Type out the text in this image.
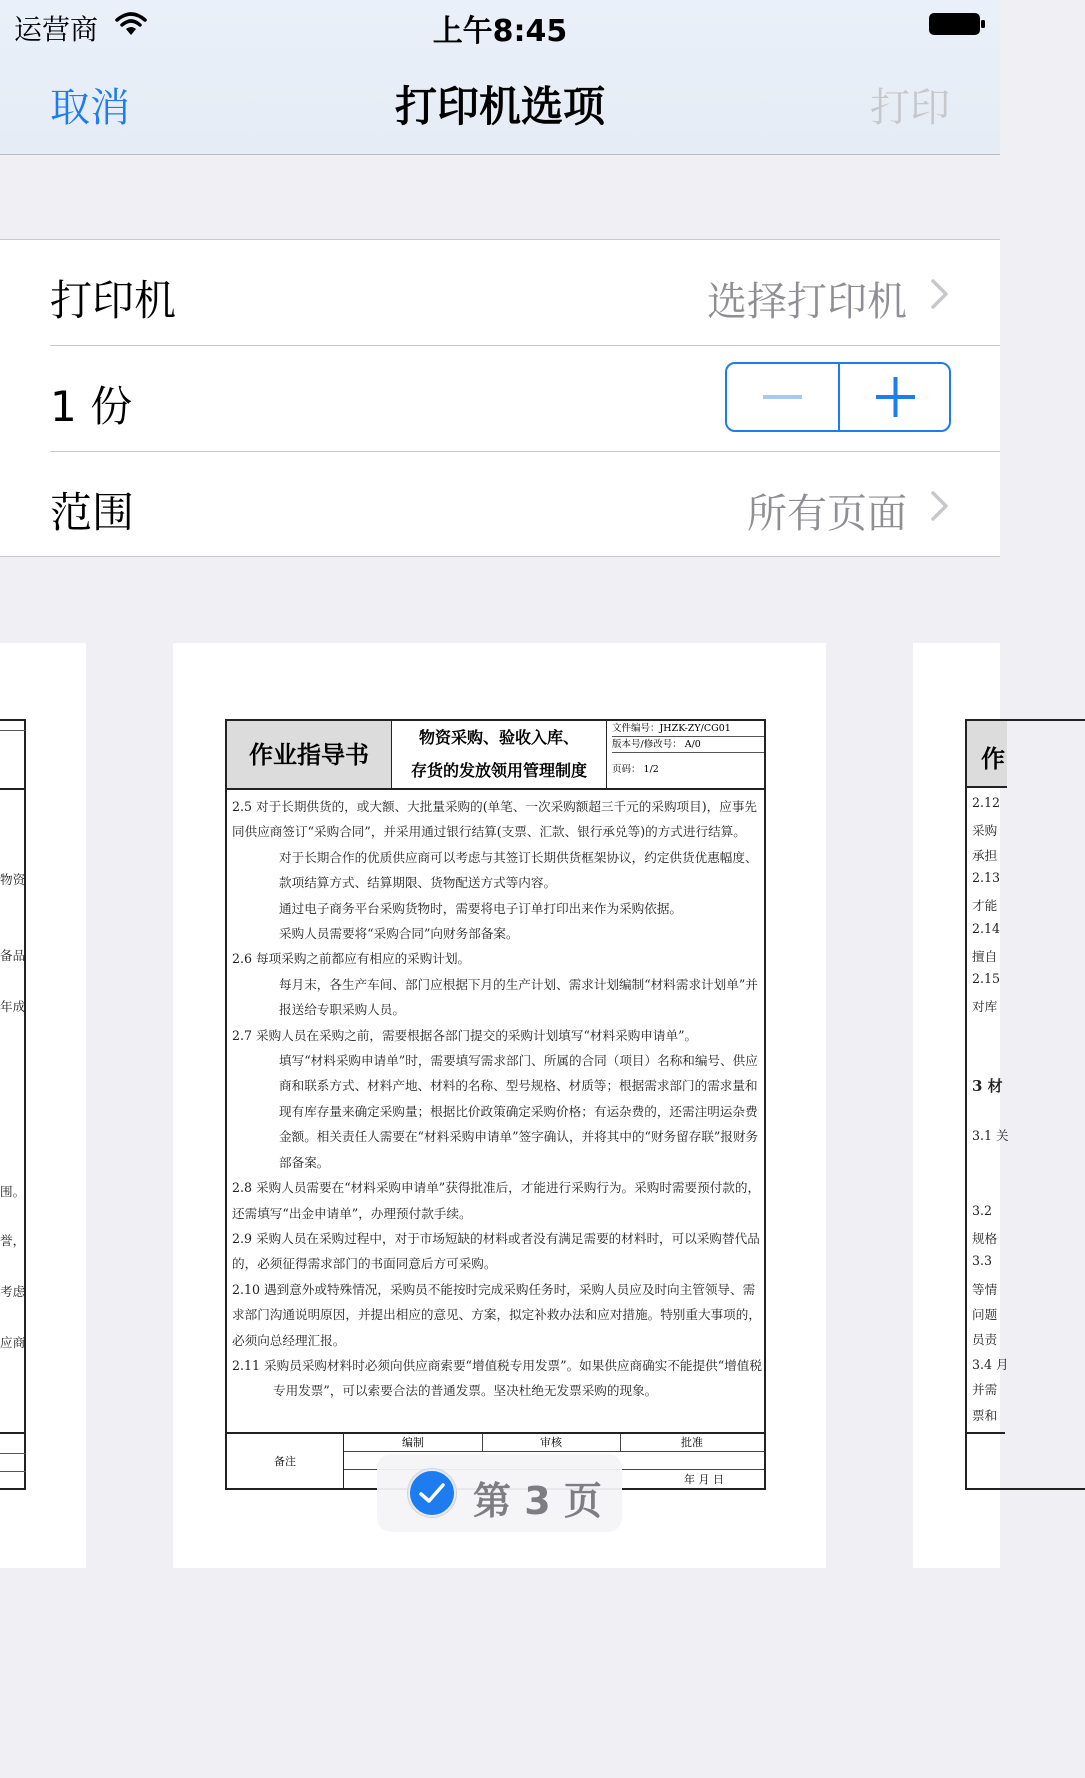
运营商	上午8:45
取消	打印机选项	打印
打印机	选择打印机
1 份
范围	所有页面
物资
备品
年成
围。
誉，
考虑
应商
作业指导书
物资采购、验收入库、
存货的发放领用管理制度
文件编号：JHZK-ZY/CG01
版本号/修改号： A/0
页码： 1/2

2.5 对于长期供货的，或大额、大批量采购的(单笔、一次采购额超三千元的采购项目)，应事先同供应商签订“采购合同”，并采用通过银行结算(支票、汇款、银行承兑等)的方式进行结算。

对于长期合作的优质供应商可以考虑与其签订长期供货框架协议，约定供货优惠幅度、款项结算方式、结算期限、货物配送方式等内容。

通过电子商务平台采购货物时，需要将电子订单打印出来作为采购依据。

采购人员需要将“采购合同”向财务部备案。

2.6 每项采购之前都应有相应的采购计划。

每月末，各生产车间、部门应根据下月的生产计划、需求计划编制“材料需求计划单”并报送给专职采购人员。

2.7 采购人员在采购之前，需要根据各部门提交的采购计划填写“材料采购申请单”。

填写“材料采购申请单”时，需要填写需求部门、所属的合同（项目）名称和编号、供应商和联系方式、材料产地、材料的名称、型号规格、材质等；根据需求部门的需求量和现有库存量来确定采购量；根据比价政策确定采购价格；有运杂费的，还需注明运杂费金额。相关责任人需要在“材料采购申请单”签字确认，并将其中的“财务留存联”报财务部备案。

2.8 采购人员需要在“材料采购申请单”获得批准后，才能进行采购行为。采购时需要预付款的，还需填写“出金申请单”，办理预付款手续。

2.9 采购人员在采购过程中，对于市场短缺的材料或者没有满足需要的材料时，可以采购替代品的，必须征得需求部门的书面同意后方可采购。

2.10 遇到意外或特殊情况，采购员不能按时完成采购任务时，采购人员应及时向主管领导、需求部门沟通说明原因，并提出相应的意见、方案，拟定补救办法和应对措施。特别重大事项的，必须向总经理汇报。

2.11 采购员采购材料时必须向供应商索要“增值税专用发票”。如果供应商确实不能提供“增值税专用发票”，可以索要合法的普通发票。坚决杜绝无发票采购的现象。

备注
编制	审核	批准
年 月 日
作
2.12
采购
承担
2.13
才能
2.14
擅自
2.15
对库
3 材
3.1 关
3.2
规格
3.3
等情
问题
员责
3.4 月
并需
票和
第 3 页
